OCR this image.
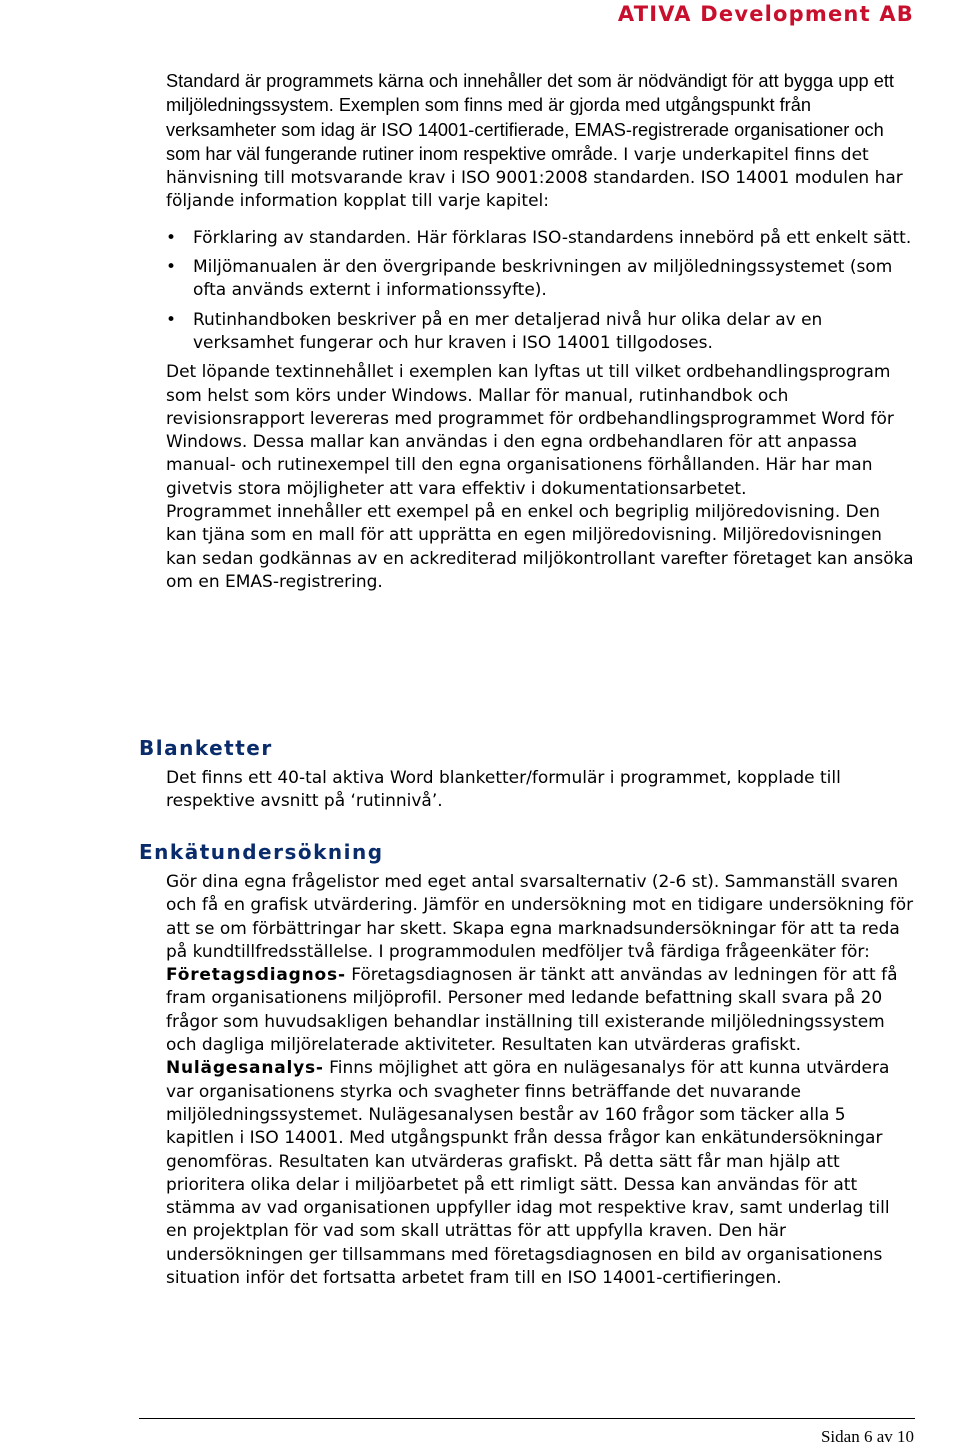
ATIVA Development AB

Standard är programmets kärna och innehåller det som är nödvändigt för att bygga upp ett miljöledningssystem. Exemplen som finns med är gjorda med utgångspunkt från verksamheter som idag är ISO 14001-certifierade, EMAS-registrerade organisationer och som har väl fungerande rutiner inom respektive område. I varje underkapitel finns det hänvisning till motsvarande krav i ISO 9001:2008 standarden. ISO 14001 modulen har följande information kopplat till varje kapitel:

• Förklaring av standarden. Här förklaras ISO-standardens innebörd på ett enkelt sätt.
• Miljömanualen är den övergripande beskrivningen av miljöledningssystemet (som ofta används externt i informationssyfte).
• Rutinhandboken beskriver på en mer detaljerad nivå hur olika delar av en verksamhet fungerar och hur kraven i ISO 14001 tillgodoses.

Det löpande textinnehållet i exemplen kan lyftas ut till vilket ordbehandlingsprogram som helst som körs under Windows. Mallar för manual, rutinhandbok och revisionsrapport levereras med programmet för ordbehandlingsprogrammet Word för Windows. Dessa mallar kan användas i den egna ordbehandlaren för att anpassa manual- och rutinexempel till den egna organisationens förhållanden. Här har man givetvis stora möjligheter att vara effektiv i dokumentationsarbetet.

Programmet innehåller ett exempel på en enkel och begriplig miljöredovisning. Den kan tjäna som en mall för att upprätta en egen miljöredovisning. Miljöredovisningen kan sedan godkännas av en ackrediterad miljökontrollant varefter företaget kan ansöka om en EMAS-registrering.

Blanketter

Det finns ett 40-tal aktiva Word blanketter/formulär i programmet, kopplade till respektive avsnitt på ‘rutinnivå’.

Enkätundersökning

Gör dina egna frågelistor med eget antal svarsalternativ (2-6 st). Sammanställ svaren och få en grafisk utvärdering. Jämför en undersökning mot en tidigare undersökning för att se om förbättringar har skett. Skapa egna marknadsundersökningar för att ta reda på kundtillfredsställelse. I programmodulen medföljer två färdiga frågeenkäter för:

Företagsdiagnos- Företagsdiagnosen är tänkt att användas av ledningen för att få fram organisationens miljöprofil. Personer med ledande befattning skall svara på 20 frågor som huvudsakligen behandlar inställning till existerande miljöledningssystem och dagliga miljörelaterade aktiviteter. Resultaten kan utvärderas grafiskt.

Nulägesanalys- Finns möjlighet att göra en nulägesanalys för att kunna utvärdera var organisationens styrka och svagheter finns beträffande det nuvarande miljöledningssystemet. Nulägesanalysen består av 160 frågor som täcker alla 5 kapitlen i ISO 14001. Med utgångspunkt från dessa frågor kan enkätundersökningar genomföras. Resultaten kan utvärderas grafiskt. På detta sätt får man hjälp att prioritera olika delar i miljöarbetet på ett rimligt sätt. Dessa kan användas för att stämma av vad organisationen uppfyller idag mot respektive krav, samt underlag till en projektplan för vad som skall uträttas för att uppfylla kraven. Den här undersökningen ger tillsammans med företagsdiagnosen en bild av organisationens situation inför det fortsatta arbetet fram till en ISO 14001-certifieringen.

Sidan 6 av 10
